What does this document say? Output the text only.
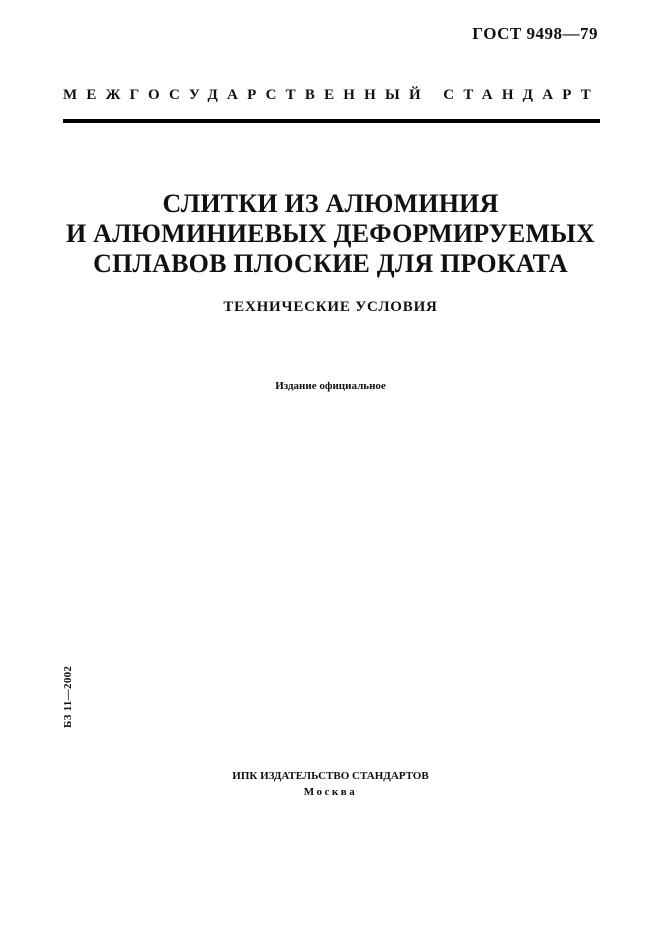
ГОСТ 9498—79
МЕЖГОСУДАРСТВЕННЫЙ СТАНДАРТ
СЛИТКИ ИЗ АЛЮМИНИЯ
И АЛЮМИНИЕВЫХ ДЕФОРМИРУЕМЫХ
СПЛАВОВ ПЛОСКИЕ ДЛЯ ПРОКАТА
ТЕХНИЧЕСКИЕ УСЛОВИЯ
Издание официальное
БЗ 11—2002
ИПК ИЗДАТЕЛЬСТВО СТАНДАРТОВ
Москва
